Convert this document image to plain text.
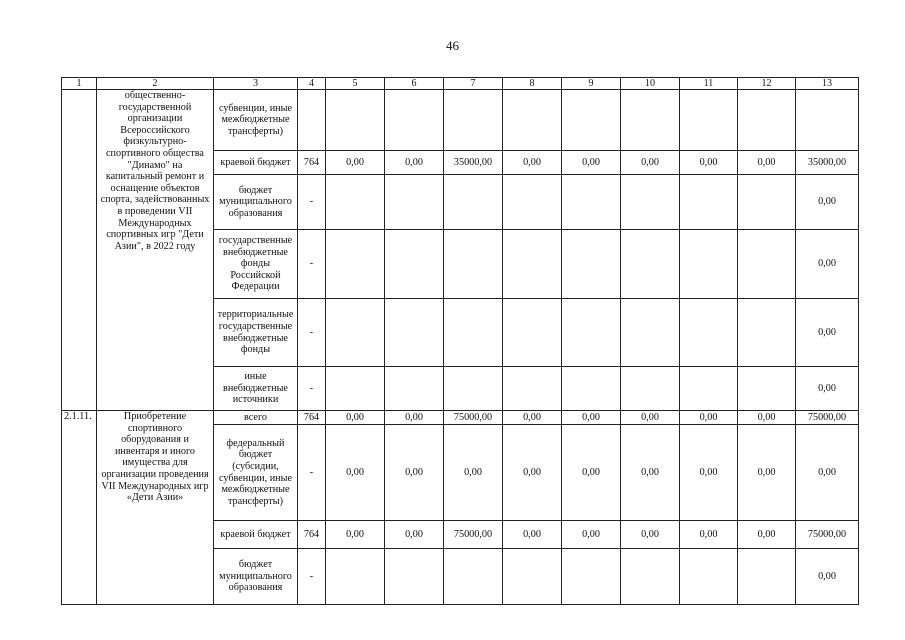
46
1	2	3	4	5	6	7	8	9	10	11	12	13
	общественно-государственной организации Всероссийского физкультурно-спортивного общества "Динамо" на капитальный ремонт и оснащение объектов спорта, задействованных в проведении VII Международных спортивных игр "Дети Азии", в 2022 году	субвенции, иные межбюджетные трансферты)										
		краевой бюджет	764	0,00	0,00	35000,00	0,00	0,00	0,00	0,00	0,00	35000,00
		бюджет муниципального образования	-									0,00
		государственные внебюджетные фонды Российской Федерации	-									0,00
		территориальные государственные внебюджетные фонды	-									0,00
		иные внебюджетные источники	-									0,00
2.1.11.	Приобретение спортивного оборудования и инвентаря и иного имущества для организации проведения VII Международных игр «Дети Азии»	всего	764	0,00	0,00	75000,00	0,00	0,00	0,00	0,00	0,00	75000,00
		федеральный бюджет (субсидии, субвенции, иные межбюджетные трансферты)	-	0,00	0,00	0,00	0,00	0,00	0,00	0,00	0,00	0,00
		краевой бюджет	764	0,00	0,00	75000,00	0,00	0,00	0,00	0,00	0,00	75000,00
		бюджет муниципального образования	-									0,00
